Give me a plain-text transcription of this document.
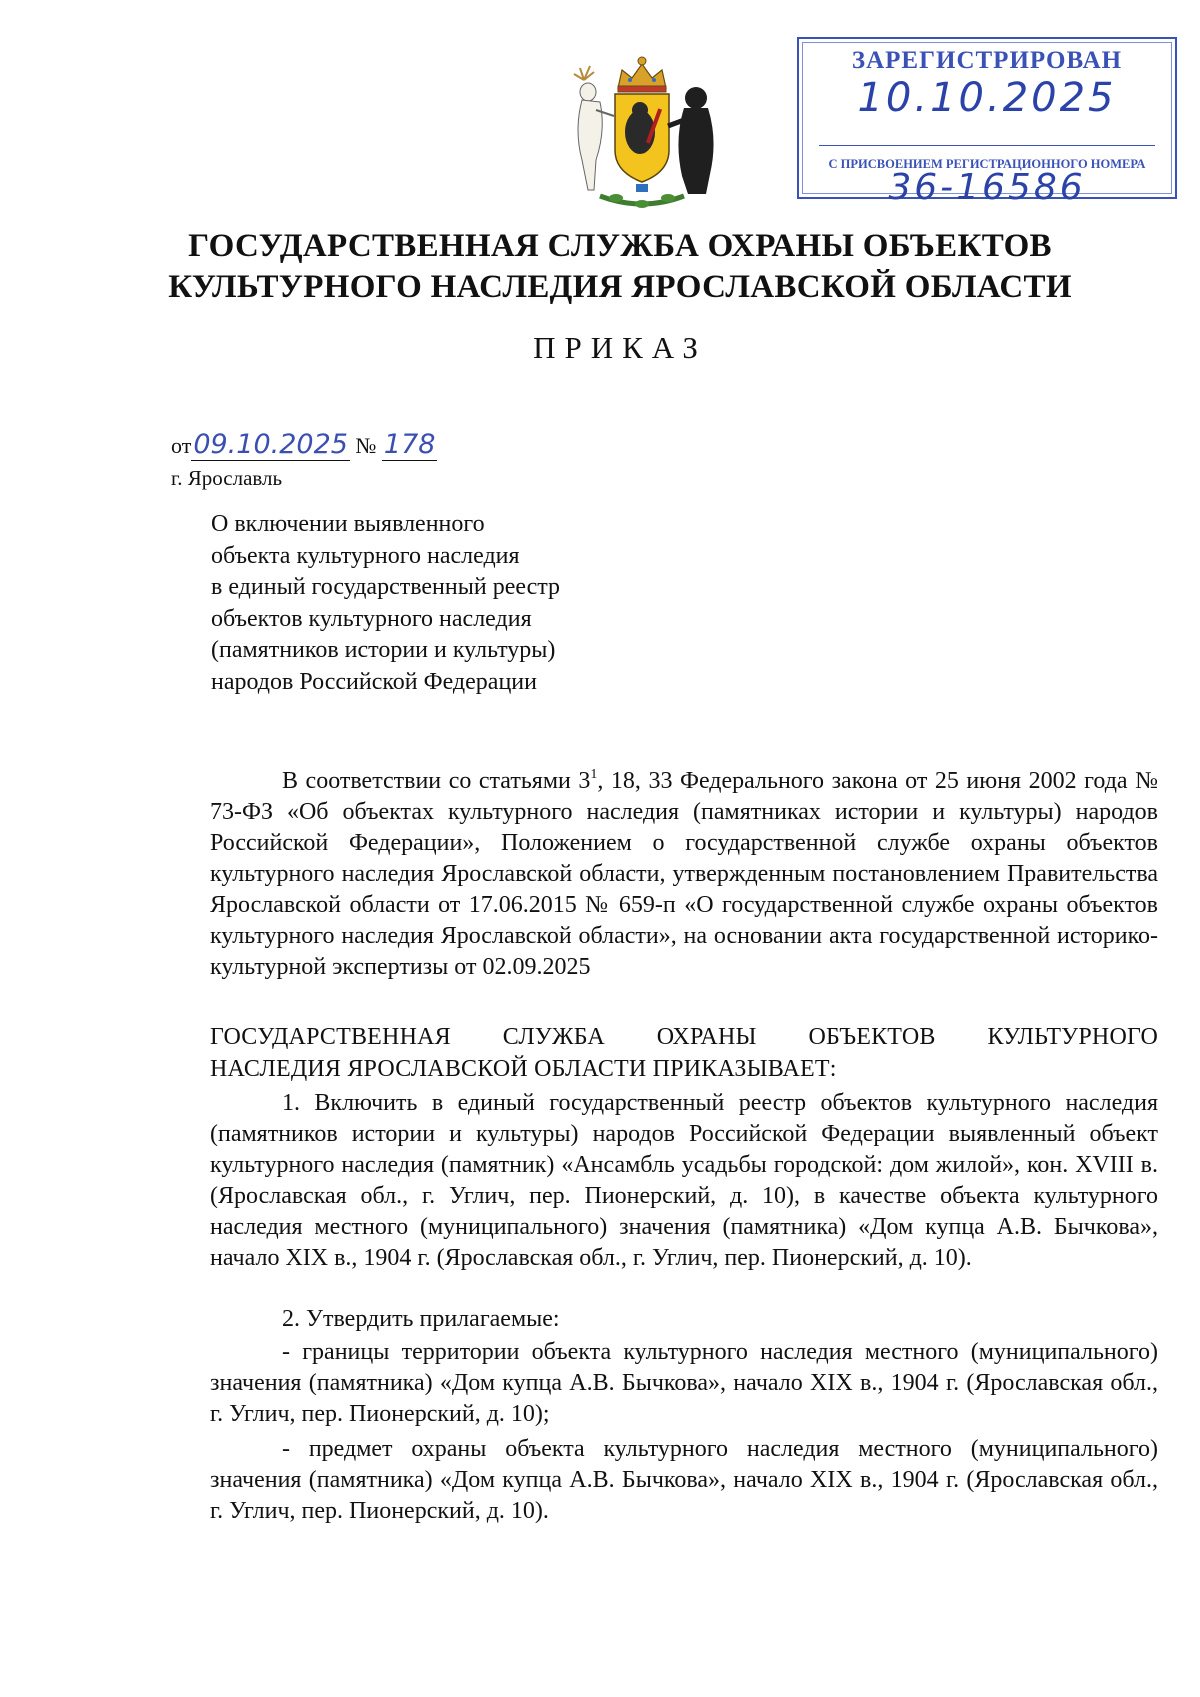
ЗАРЕГИСТРИРОВАН
10.10.2025
С ПРИСВОЕНИЕМ РЕГИСТРАЦИОННОГО НОМЕРА
36-16586
ГОСУДАРСТВЕННАЯ СЛУЖБА ОХРАНЫ ОБЪЕКТОВ
КУЛЬТУРНОГО НАСЛЕДИЯ ЯРОСЛАВСКОЙ ОБЛАСТИ
ПРИКАЗ
от09.10.2025 № 178
г. Ярославль
О включении выявленного
объекта культурного наследия
в единый государственный реестр
объектов культурного наследия
(памятников истории и культуры)
народов Российской Федерации
В соответствии со статьями $3^1$, 18, 33 Федерального закона от 25 июня 2002 года № 73-ФЗ «Об объектах культурного наследия (памятниках истории и культуры) народов Российской Федерации», Положением о государственной службе охраны объектов культурного наследия Ярославской области, утвержденным постановлением Правительства Ярославской области от 17.06.2015 № 659-п «О государственной службе охраны объектов культурного наследия Ярославской области», на основании акта государственной историко-культурной экспертизы от 02.09.2025
ГОСУДАРСТВЕННАЯ СЛУЖБА ОХРАНЫ ОБЪЕКТОВ КУЛЬТУРНОГО
НАСЛЕДИЯ ЯРОСЛАВСКОЙ ОБЛАСТИ ПРИКАЗЫВАЕТ:
1. Включить в единый государственный реестр объектов культурного наследия (памятников истории и культуры) народов Российской Федерации выявленный объект культурного наследия (памятник) «Ансамбль усадьбы городской: дом жилой», кон. XVIII в. (Ярославская обл., г. Углич, пер. Пионерский, д. 10), в качестве объекта культурного наследия местного (муниципального) значения (памятника) «Дом купца А.В. Бычкова», начало XIX в., 1904 г. (Ярославская обл., г. Углич, пер. Пионерский, д. 10).
2. Утвердить прилагаемые:
- границы территории объекта культурного наследия местного (муниципального) значения (памятника) «Дом купца А.В. Бычкова», начало XIX в., 1904 г. (Ярославская обл., г. Углич, пер. Пионерский, д. 10);
- предмет охраны объекта культурного наследия местного (муниципального) значения (памятника) «Дом купца А.В. Бычкова», начало XIX в., 1904 г. (Ярославская обл., г. Углич, пер. Пионерский, д. 10).
